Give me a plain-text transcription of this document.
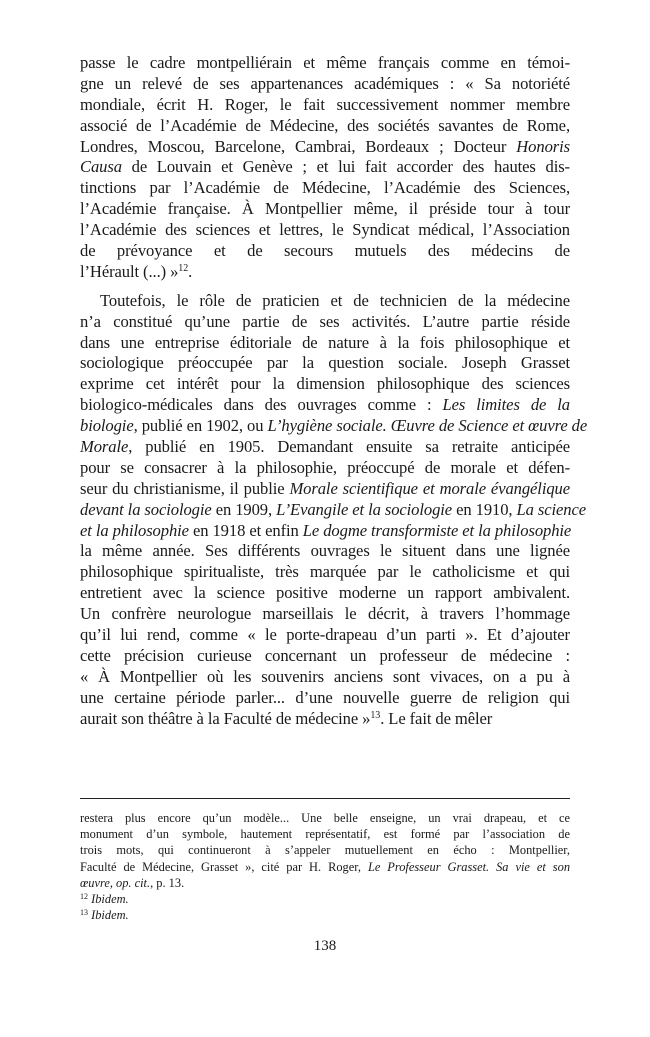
passe le cadre montpelliérain et même français comme en témoi-
gne un relevé de ses appartenances académiques : « Sa notoriété
mondiale, écrit H. Roger, le fait successivement nommer membre
associé de l’Académie de Médecine, des sociétés savantes de Rome,
Londres, Moscou, Barcelone, Cambrai, Bordeaux ; Docteur Honoris
Causa de Louvain et Genève ; et lui fait accorder des hautes dis-
tinctions par l’Académie de Médecine, l’Académie des Sciences,
l’Académie française. À Montpellier même, il préside tour à tour
l’Académie des sciences et lettres, le Syndicat médical, l’Association
de prévoyance et de secours mutuels des médecins de
l’Hérault (...) »$^{12}$.
Toutefois, le rôle de praticien et de technicien de la médecine
n’a constitué qu’une partie de ses activités. L’autre partie réside
dans une entreprise éditoriale de nature à la fois philosophique et
sociologique préoccupée par la question sociale. Joseph Grasset
exprime cet intérêt pour la dimension philosophique des sciences
biologico-médicales dans des ouvrages comme : Les limites de la
biologie, publié en 1902, ou L’hygiène sociale. Œuvre de Science et œuvre de
Morale, publié en 1905. Demandant ensuite sa retraite anticipée
pour se consacrer à la philosophie, préoccupé de morale et défen-
seur du christianisme, il publie Morale scientifique et morale évangélique
devant la sociologie en 1909, L’Evangile et la sociologie en 1910, La science
et la philosophie en 1918 et enfin Le dogme transformiste et la philosophie
la même année. Ses différents ouvrages le situent dans une lignée
philosophique spiritualiste, très marquée par le catholicisme et qui
entretient avec la science positive moderne un rapport ambivalent.
Un confrère neurologue marseillais le décrit, à travers l’hommage
qu’il lui rend, comme « le porte-drapeau d’un parti ». Et d’ajouter
cette précision curieuse concernant un professeur de médecine :
« À Montpellier où les souvenirs anciens sont vivaces, on a pu à
une certaine période parler... d’une nouvelle guerre de religion qui
aurait son théâtre à la Faculté de médecine »$^{13}$. Le fait de mêler
restera plus encore qu’un modèle... Une belle enseigne, un vrai drapeau, et ce
monument d’un symbole, hautement représentatif, est formé par l’association de
trois mots, qui continueront à s’appeler mutuellement en écho : Montpellier,
Faculté de Médecine, Grasset », cité par H. Roger, Le Professeur Grasset. Sa vie et son
œuvre, op. cit., p. 13.
$^{12}$ Ibidem.
$^{13}$ Ibidem.
138
